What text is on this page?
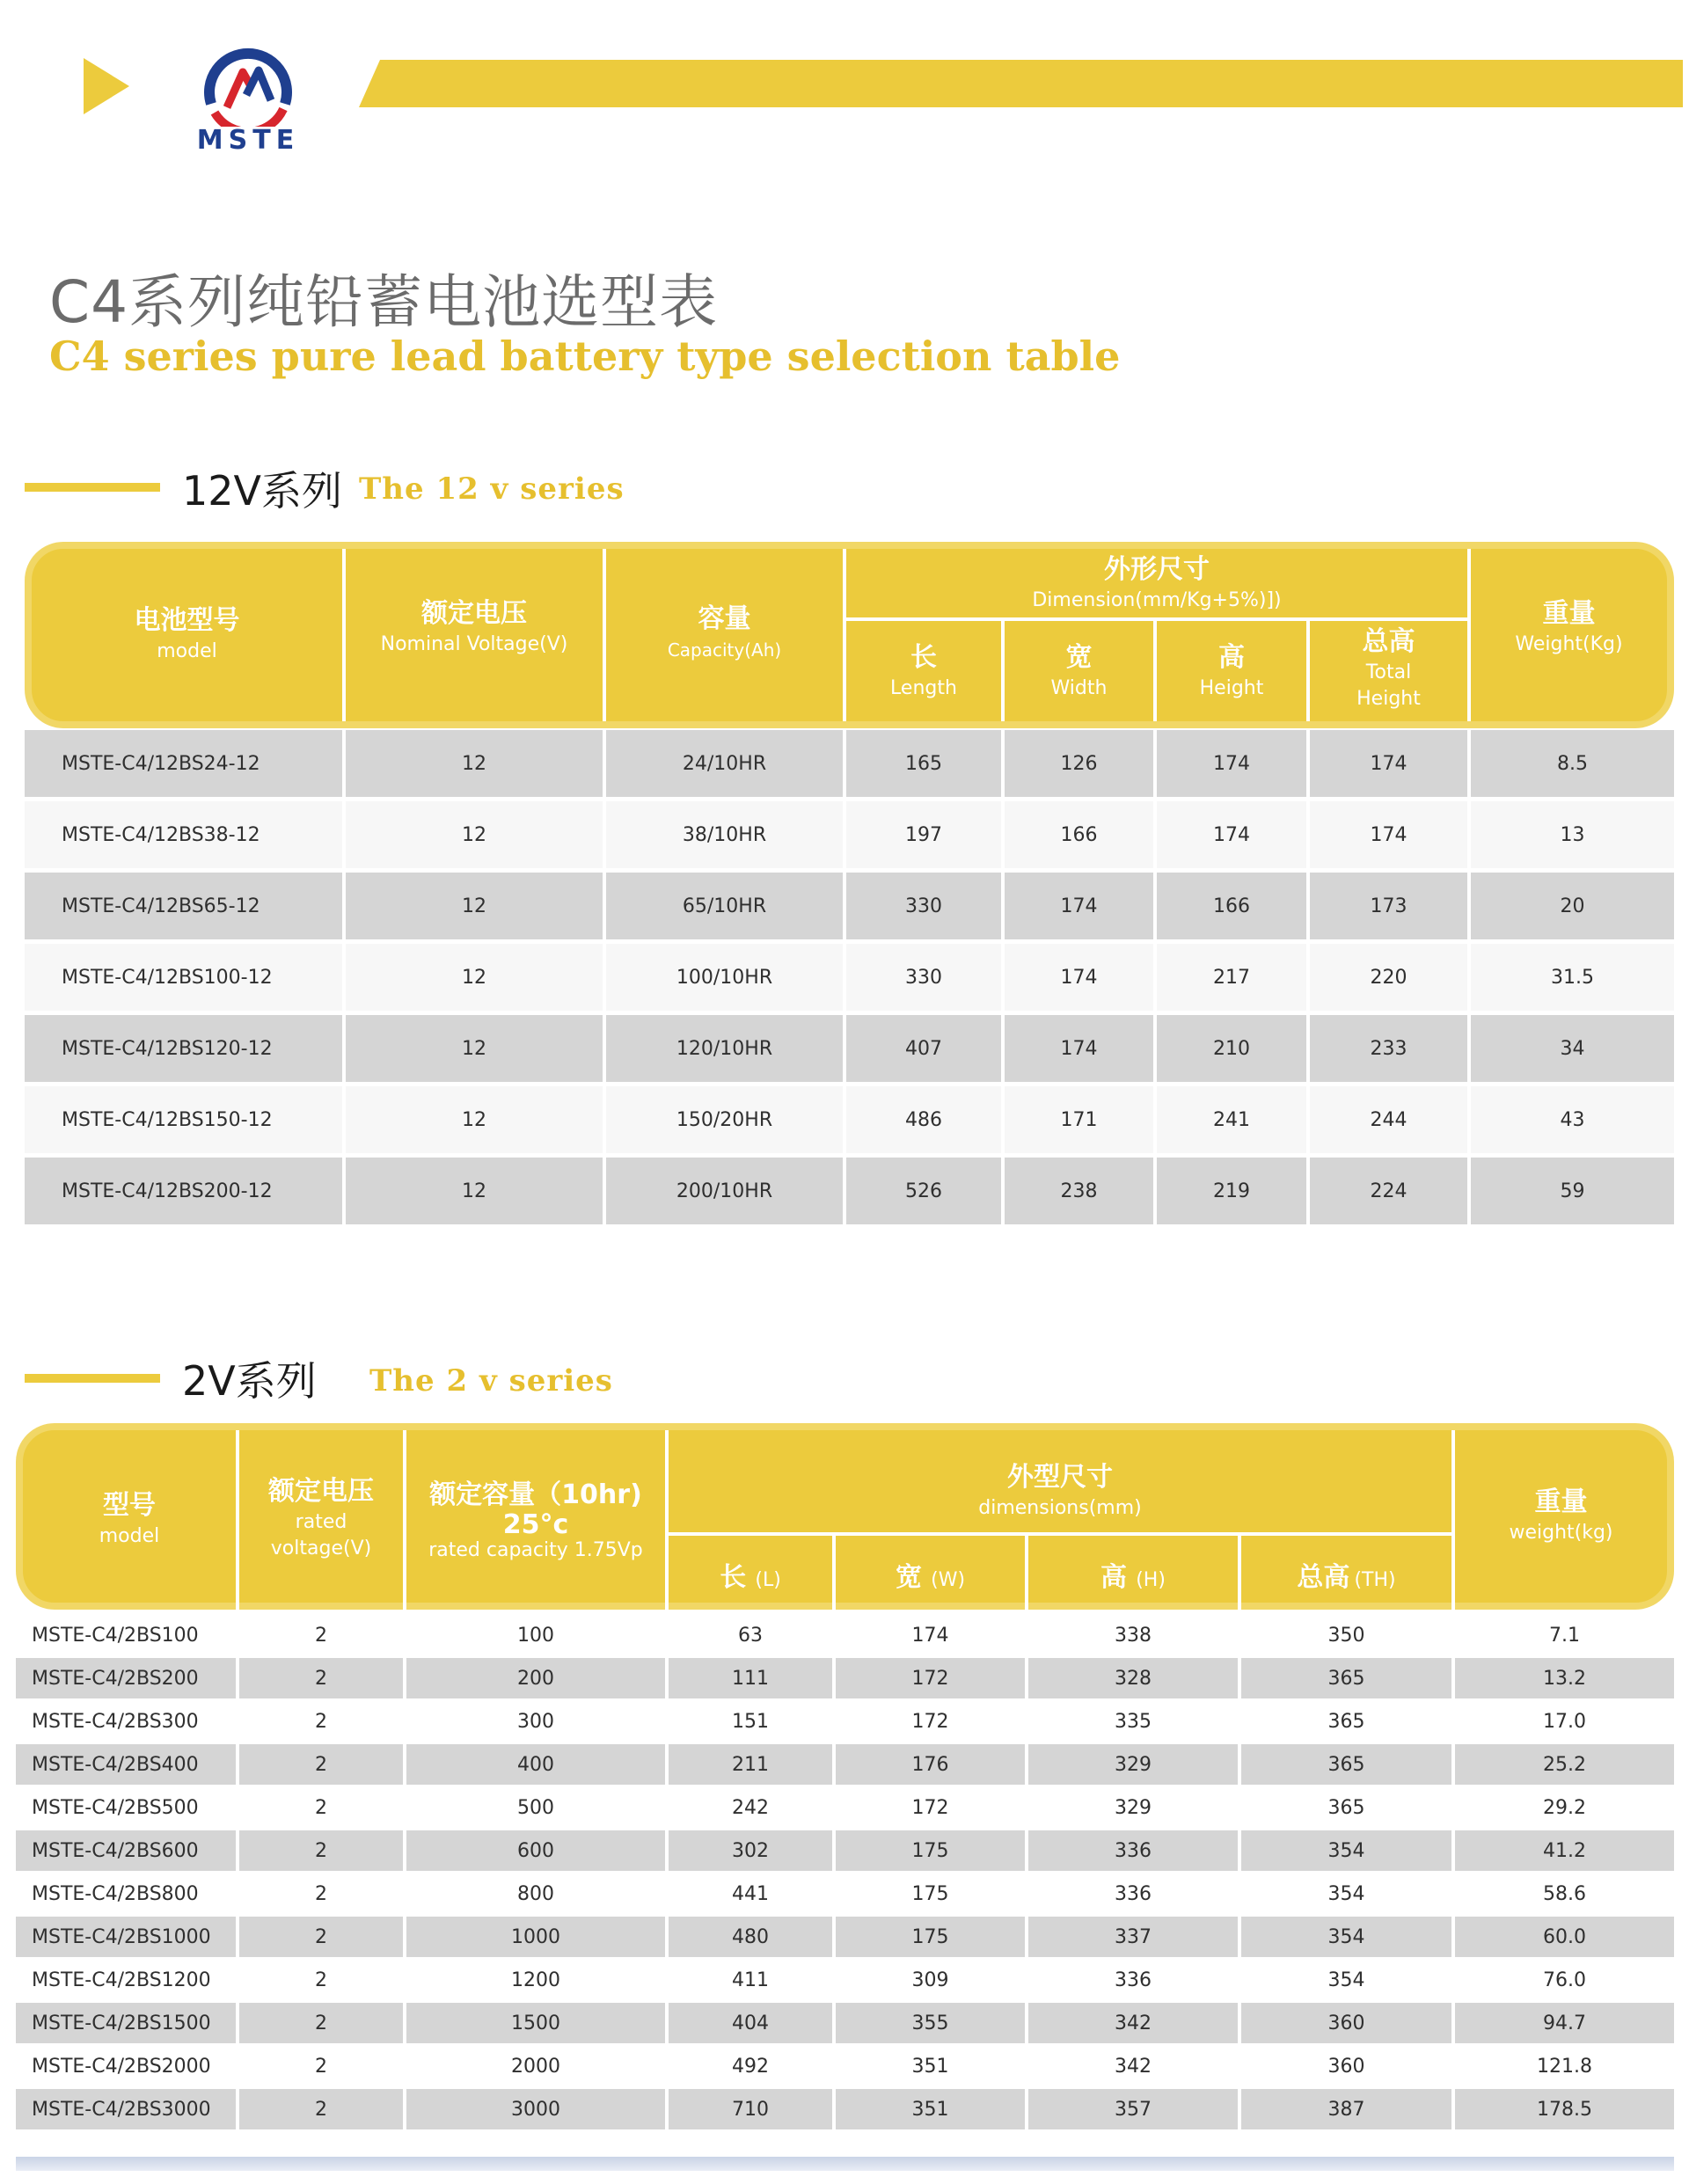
MSTE
C4系列纯铅蓄电池选型表
C4 series pure lead battery type selection table
12V系列 The 12 v series
电池型号
model
额定电压
Nominal Voltage(V)
容量
Capacity(Ah)
外形尺寸
Dimension(mm/Kg+5%)])
长
Length
宽
Width
高
Height
总高
Total
Height
重量
Weight(Kg)
MSTE-C4/12BS24-12	12	24/10HR	165	126	174	174	8.5
MSTE-C4/12BS38-12	12	38/10HR	197	166	174	174	13
MSTE-C4/12BS65-12	12	65/10HR	330	174	166	173	20
MSTE-C4/12BS100-12	12	100/10HR	330	174	217	220	31.5
MSTE-C4/12BS120-12	12	120/10HR	407	174	210	233	34
MSTE-C4/12BS150-12	12	150/20HR	486	171	241	244	43
MSTE-C4/12BS200-12	12	200/10HR	526	238	219	224	59
2V系列 The 2 v series
型号
model
额定电压
rated
voltage(V)
额定容量（10hr)
25°c
rated capacity 1.75Vp
外型尺寸
dimensions(mm)
长 (L)	宽 (W)	高 (H)	总高 (TH)
重量
weight(kg)
MSTE-C4/2BS100	2	100	63	174	338	350	7.1
MSTE-C4/2BS200	2	200	111	172	328	365	13.2
MSTE-C4/2BS300	2	300	151	172	335	365	17.0
MSTE-C4/2BS400	2	400	211	176	329	365	25.2
MSTE-C4/2BS500	2	500	242	172	329	365	29.2
MSTE-C4/2BS600	2	600	302	175	336	354	41.2
MSTE-C4/2BS800	2	800	441	175	336	354	58.6
MSTE-C4/2BS1000	2	1000	480	175	337	354	60.0
MSTE-C4/2BS1200	2	1200	411	309	336	354	76.0
MSTE-C4/2BS1500	2	1500	404	355	342	360	94.7
MSTE-C4/2BS2000	2	2000	492	351	342	360	121.8
MSTE-C4/2BS3000	2	3000	710	351	357	387	178.5
